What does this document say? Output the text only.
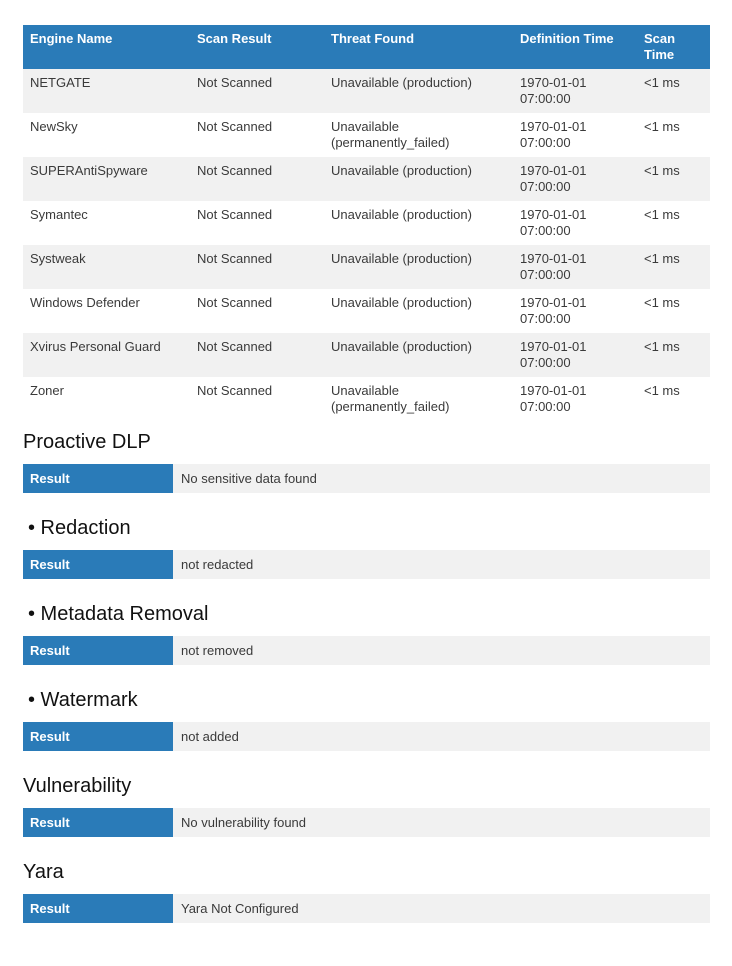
Engine Name	Scan Result	Threat Found	Definition Time	Scan Time
NETGATE	Not Scanned	Unavailable (production)	1970-01-01 07:00:00	<1 ms
NewSky	Not Scanned	Unavailable (permanently_failed)	1970-01-01 07:00:00	<1 ms
SUPERAntiSpyware	Not Scanned	Unavailable (production)	1970-01-01 07:00:00	<1 ms
Symantec	Not Scanned	Unavailable (production)	1970-01-01 07:00:00	<1 ms
Systweak	Not Scanned	Unavailable (production)	1970-01-01 07:00:00	<1 ms
Windows Defender	Not Scanned	Unavailable (production)	1970-01-01 07:00:00	<1 ms
Xvirus Personal Guard	Not Scanned	Unavailable (production)	1970-01-01 07:00:00	<1 ms
Zoner	Not Scanned	Unavailable (permanently_failed)	1970-01-01 07:00:00	<1 ms
Proactive DLP
Result	No sensitive data found
• Redaction
Result	not redacted
• Metadata Removal
Result	not removed
• Watermark
Result	not added
Vulnerability
Result	No vulnerability found
Yara
Result	Yara Not Configured
